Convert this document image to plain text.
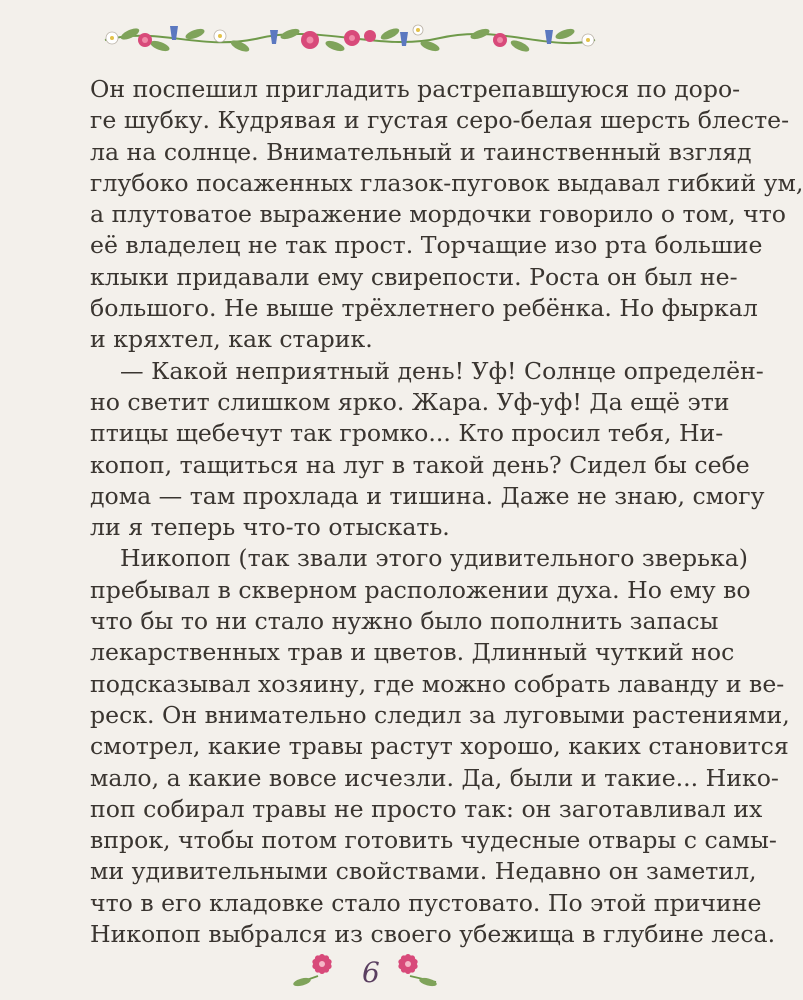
Он поспешил пригладить растрепавшуюся по доро-
ге шубку. Кудрявая и густая серо-белая шерсть блесте-
ла на солнце. Внимательный и таинственный взгляд
глубоко посаженных глазок-пуговок выдавал гибкий ум,
а плутоватое выражение мордочки говорило о том, что
её владелец не так прост. Торчащие изо рта большие
клыки придавали ему свирепости. Роста он был не-
большого. Не выше трёхлетнего ребёнка. Но фыркал
и кряхтел, как старик.
— Какой неприятный день! Уф! Солнце определён-
но светит слишком ярко. Жара. Уф-уф! Да ещё эти
птицы щебечут так громко... Кто просил тебя, Ни-
копоп, тащиться на луг в такой день? Сидел бы себе
дома — там прохлада и тишина. Даже не знаю, смогу
ли я теперь что-то отыскать.
Никопоп (так звали этого удивительного зверька)
пребывал в скверном расположении духа. Но ему во
что бы то ни стало нужно было пополнить запасы
лекарственных трав и цветов. Длинный чуткий нос
подсказывал хозяину, где можно собрать лаванду и ве-
реск. Он внимательно следил за луговыми растениями,
смотрел, какие травы растут хорошо, каких становится
мало, а какие вовсе исчезли. Да, были и такие... Нико-
поп собирал травы не просто так: он заготавливал их
впрок, чтобы потом готовить чудесные отвары с самы-
ми удивительными свойствами. Недавно он заметил,
что в его кладовке стало пустовато. По этой причине
Никопоп выбрался из своего убежища в глубине леса.
6
